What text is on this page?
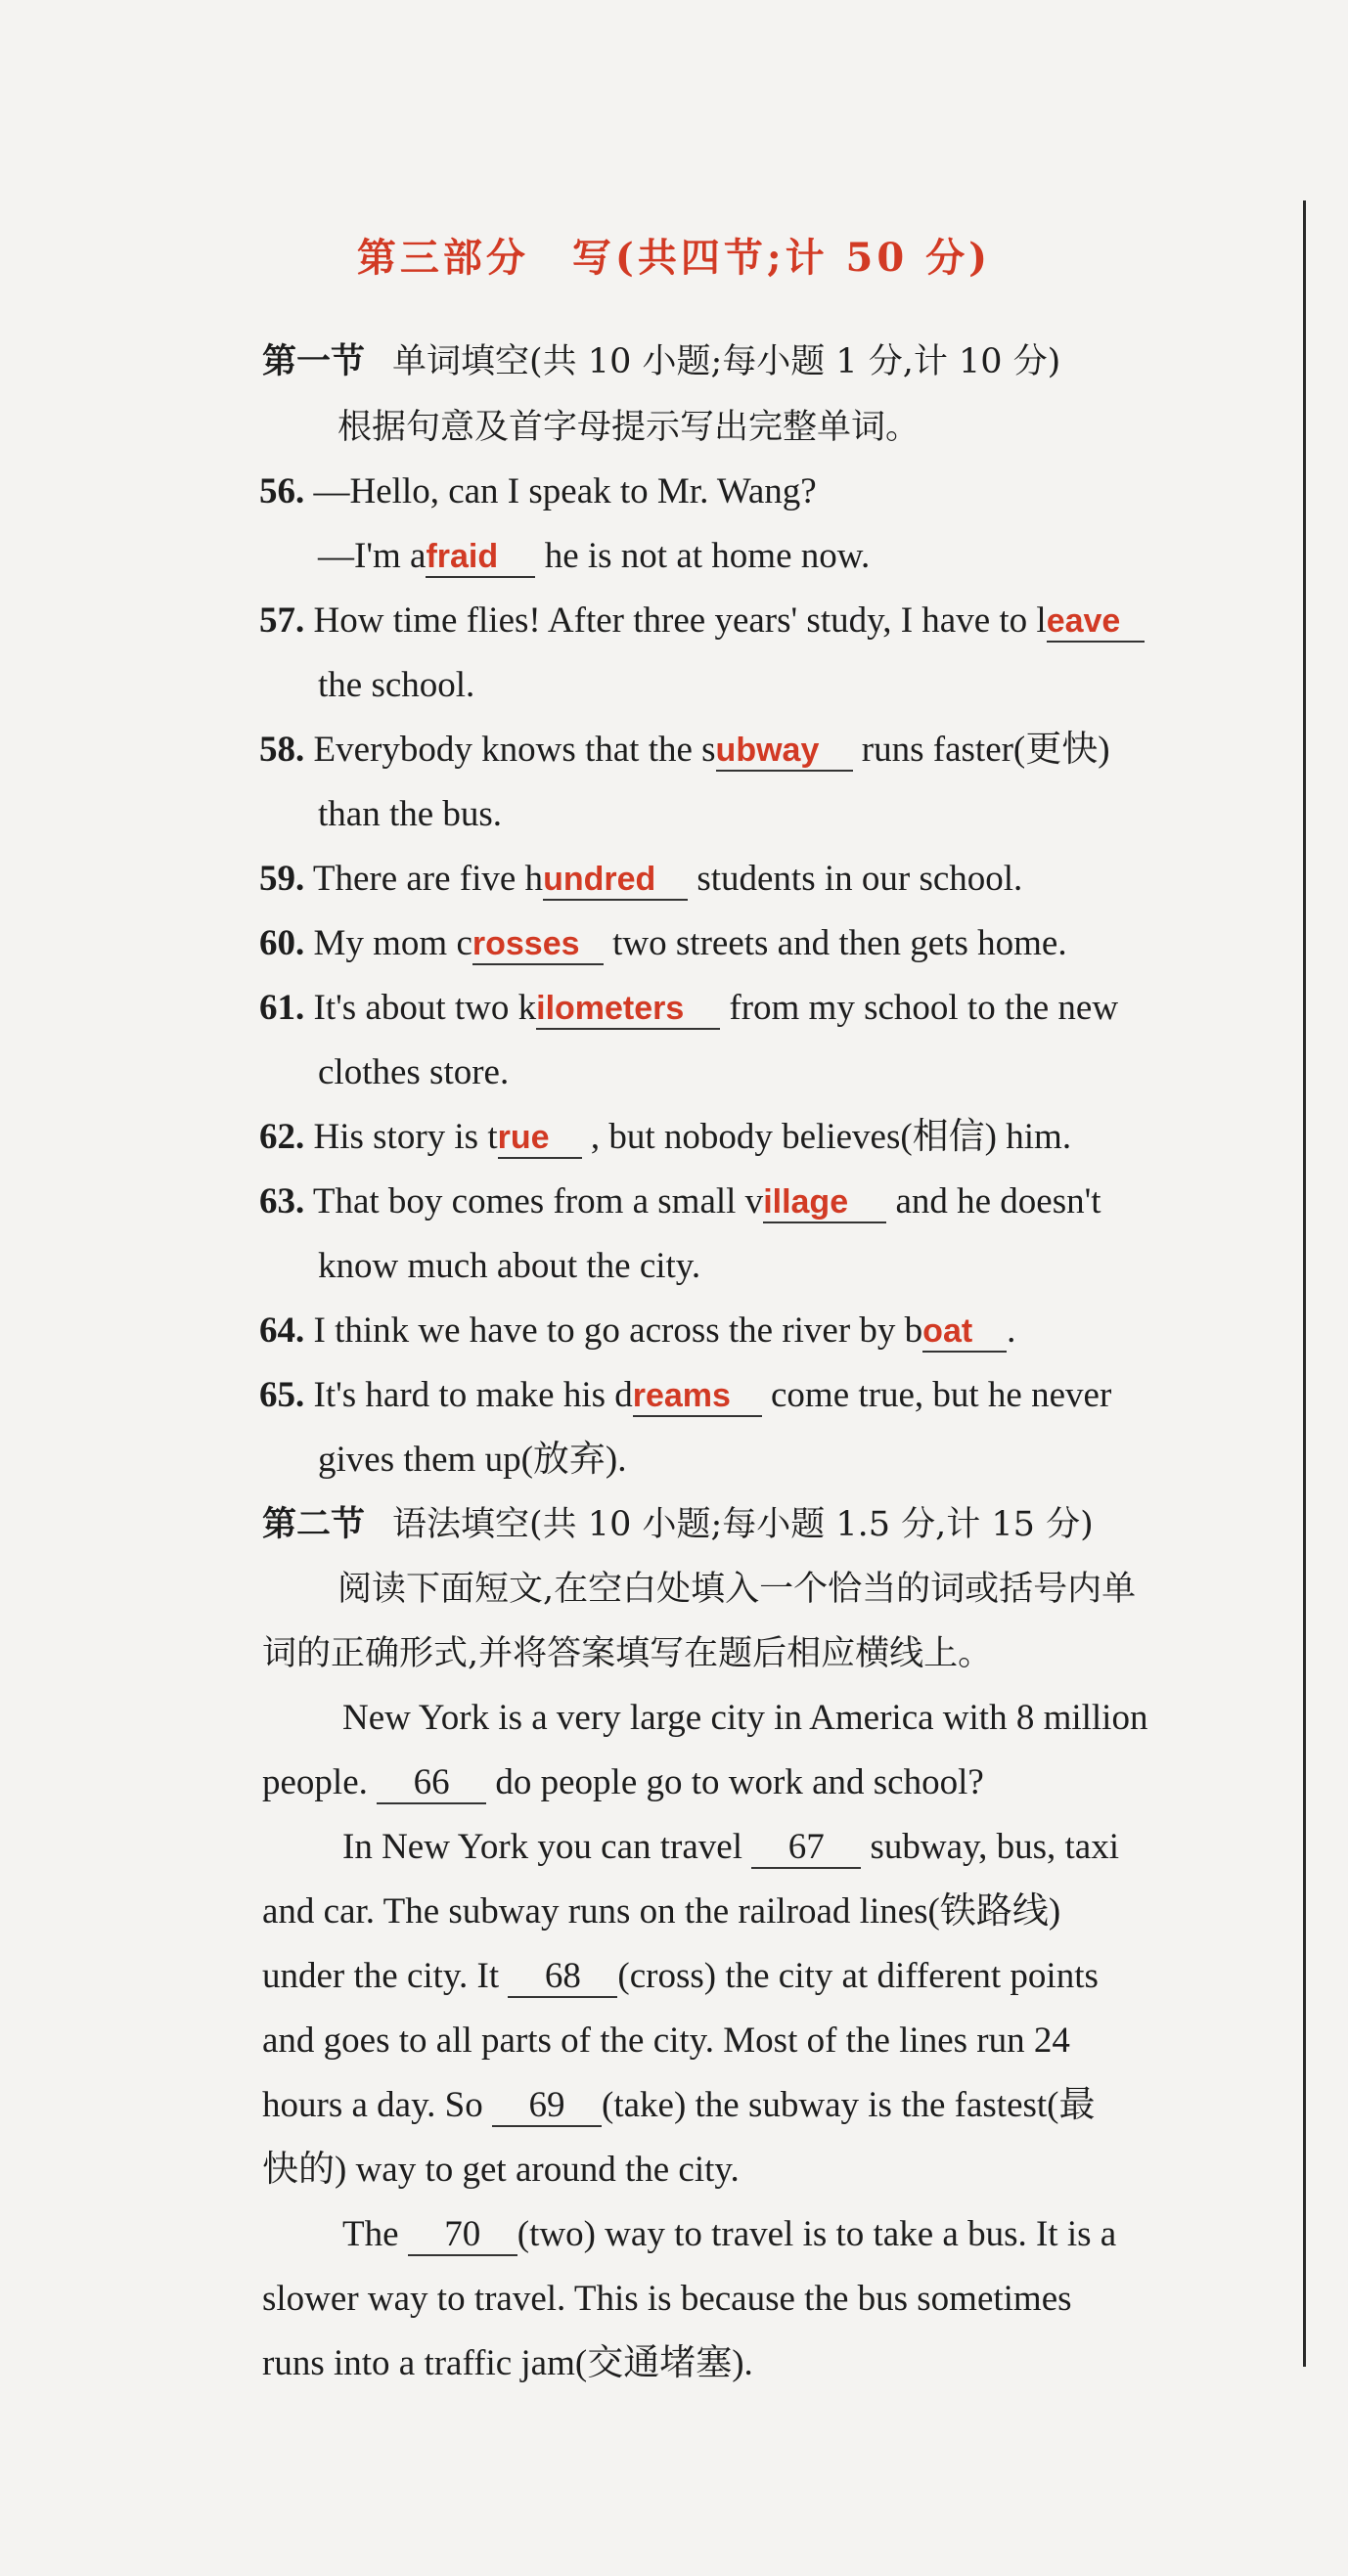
第三部分　写(共四节;计 50 分)
第一节 单词填空(共 10 小题;每小题 1 分,计 10 分)
根据句意及首字母提示写出完整单词。
56. —Hello, can I speak to Mr. Wang?
—I'm afraid he is not at home now.
57. How time flies! After three years' study, I have to leave
the school.
58. Everybody knows that the subway runs faster(更快)
than the bus.
59. There are five hundred students in our school.
60. My mom crosses two streets and then gets home.
61. It's about two kilometers from my school to the new
clothes store.
62. His story is true , but nobody believes(相信) him.
63. That boy comes from a small village and he doesn't
know much about the city.
64. I think we have to go across the river by boat .
65. It's hard to make his dreams come true, but he never
gives them up(放弃).
第二节 语法填空(共 10 小题;每小题 1.5 分,计 15 分)
阅读下面短文,在空白处填入一个恰当的词或括号内单
词的正确形式,并将答案填写在题后相应横线上。
New York is a very large city in America with 8 million
people. 66 do people go to work and school?
In New York you can travel 67 subway, bus, taxi
and car. The subway runs on the railroad lines(铁路线)
under the city. It 68 (cross) the city at different points
and goes to all parts of the city. Most of the lines run 24
hours a day. So 69 (take) the subway is the fastest(最
快的) way to get around the city.
The 70 (two) way to travel is to take a bus. It is a
slower way to travel. This is because the bus sometimes
runs into a traffic jam(交通堵塞).
